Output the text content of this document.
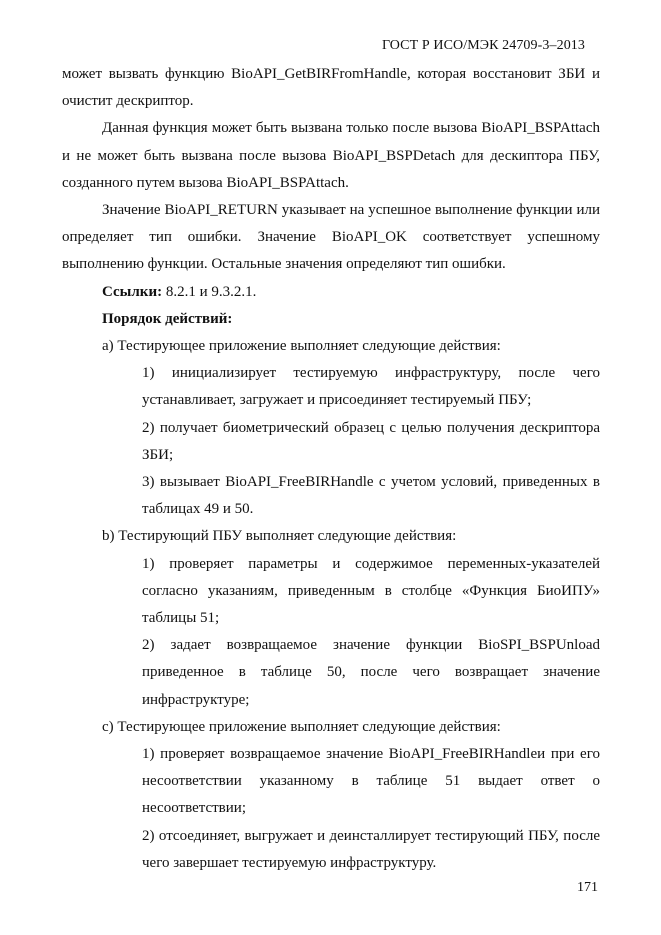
ГОСТ Р ИСО/МЭК 24709-3–2013

может вызвать функцию BioAPI_GetBIRFromHandle, которая восстановит ЗБИ и очистит дескриптор.

Данная функция может быть вызвана только после вызова BioAPI_BSPAttach и не может быть вызвана после вызова BioAPI_BSPDetach для дескиптора ПБУ, созданного путем вызова BioAPI_BSPAttach.

Значение BioAPI_RETURN указывает на успешное выполнение функции или определяет тип ошибки. Значение BioAPI_OK соответствует успешному выполнению функции. Остальные значения определяют тип ошибки.

Ссылки: 8.2.1 и 9.3.2.1.

Порядок действий:

a) Тестирующее приложение выполняет следующие действия:

1) инициализирует тестируемую инфраструктуру, после чего устанавливает, загружает и присоединяет тестируемый ПБУ;

2) получает биометрический образец с целью получения дескриптора ЗБИ;

3) вызывает BioAPI_FreeBIRHandle с учетом условий, приведенных в таблицах 49 и 50.

b) Тестирующий ПБУ выполняет следующие действия:

1) проверяет параметры и содержимое переменных-указателей согласно указаниям, приведенным в столбце «Функция БиоИПУ» таблицы 51;

2) задает возвращаемое значение функции BioSPI_BSPUnload приведенное в таблице 50, после чего возвращает значение инфраструктуре;

c) Тестирующее приложение выполняет следующие действия:

1) проверяет возвращаемое значение BioAPI_FreeBIRHandleи при его несоответствии указанному в таблице 51 выдает ответ о несоответствии;

2) отсоединяет, выгружает и деинсталлирует тестирующий ПБУ, после чего завершает тестируемую инфраструктуру.

171
